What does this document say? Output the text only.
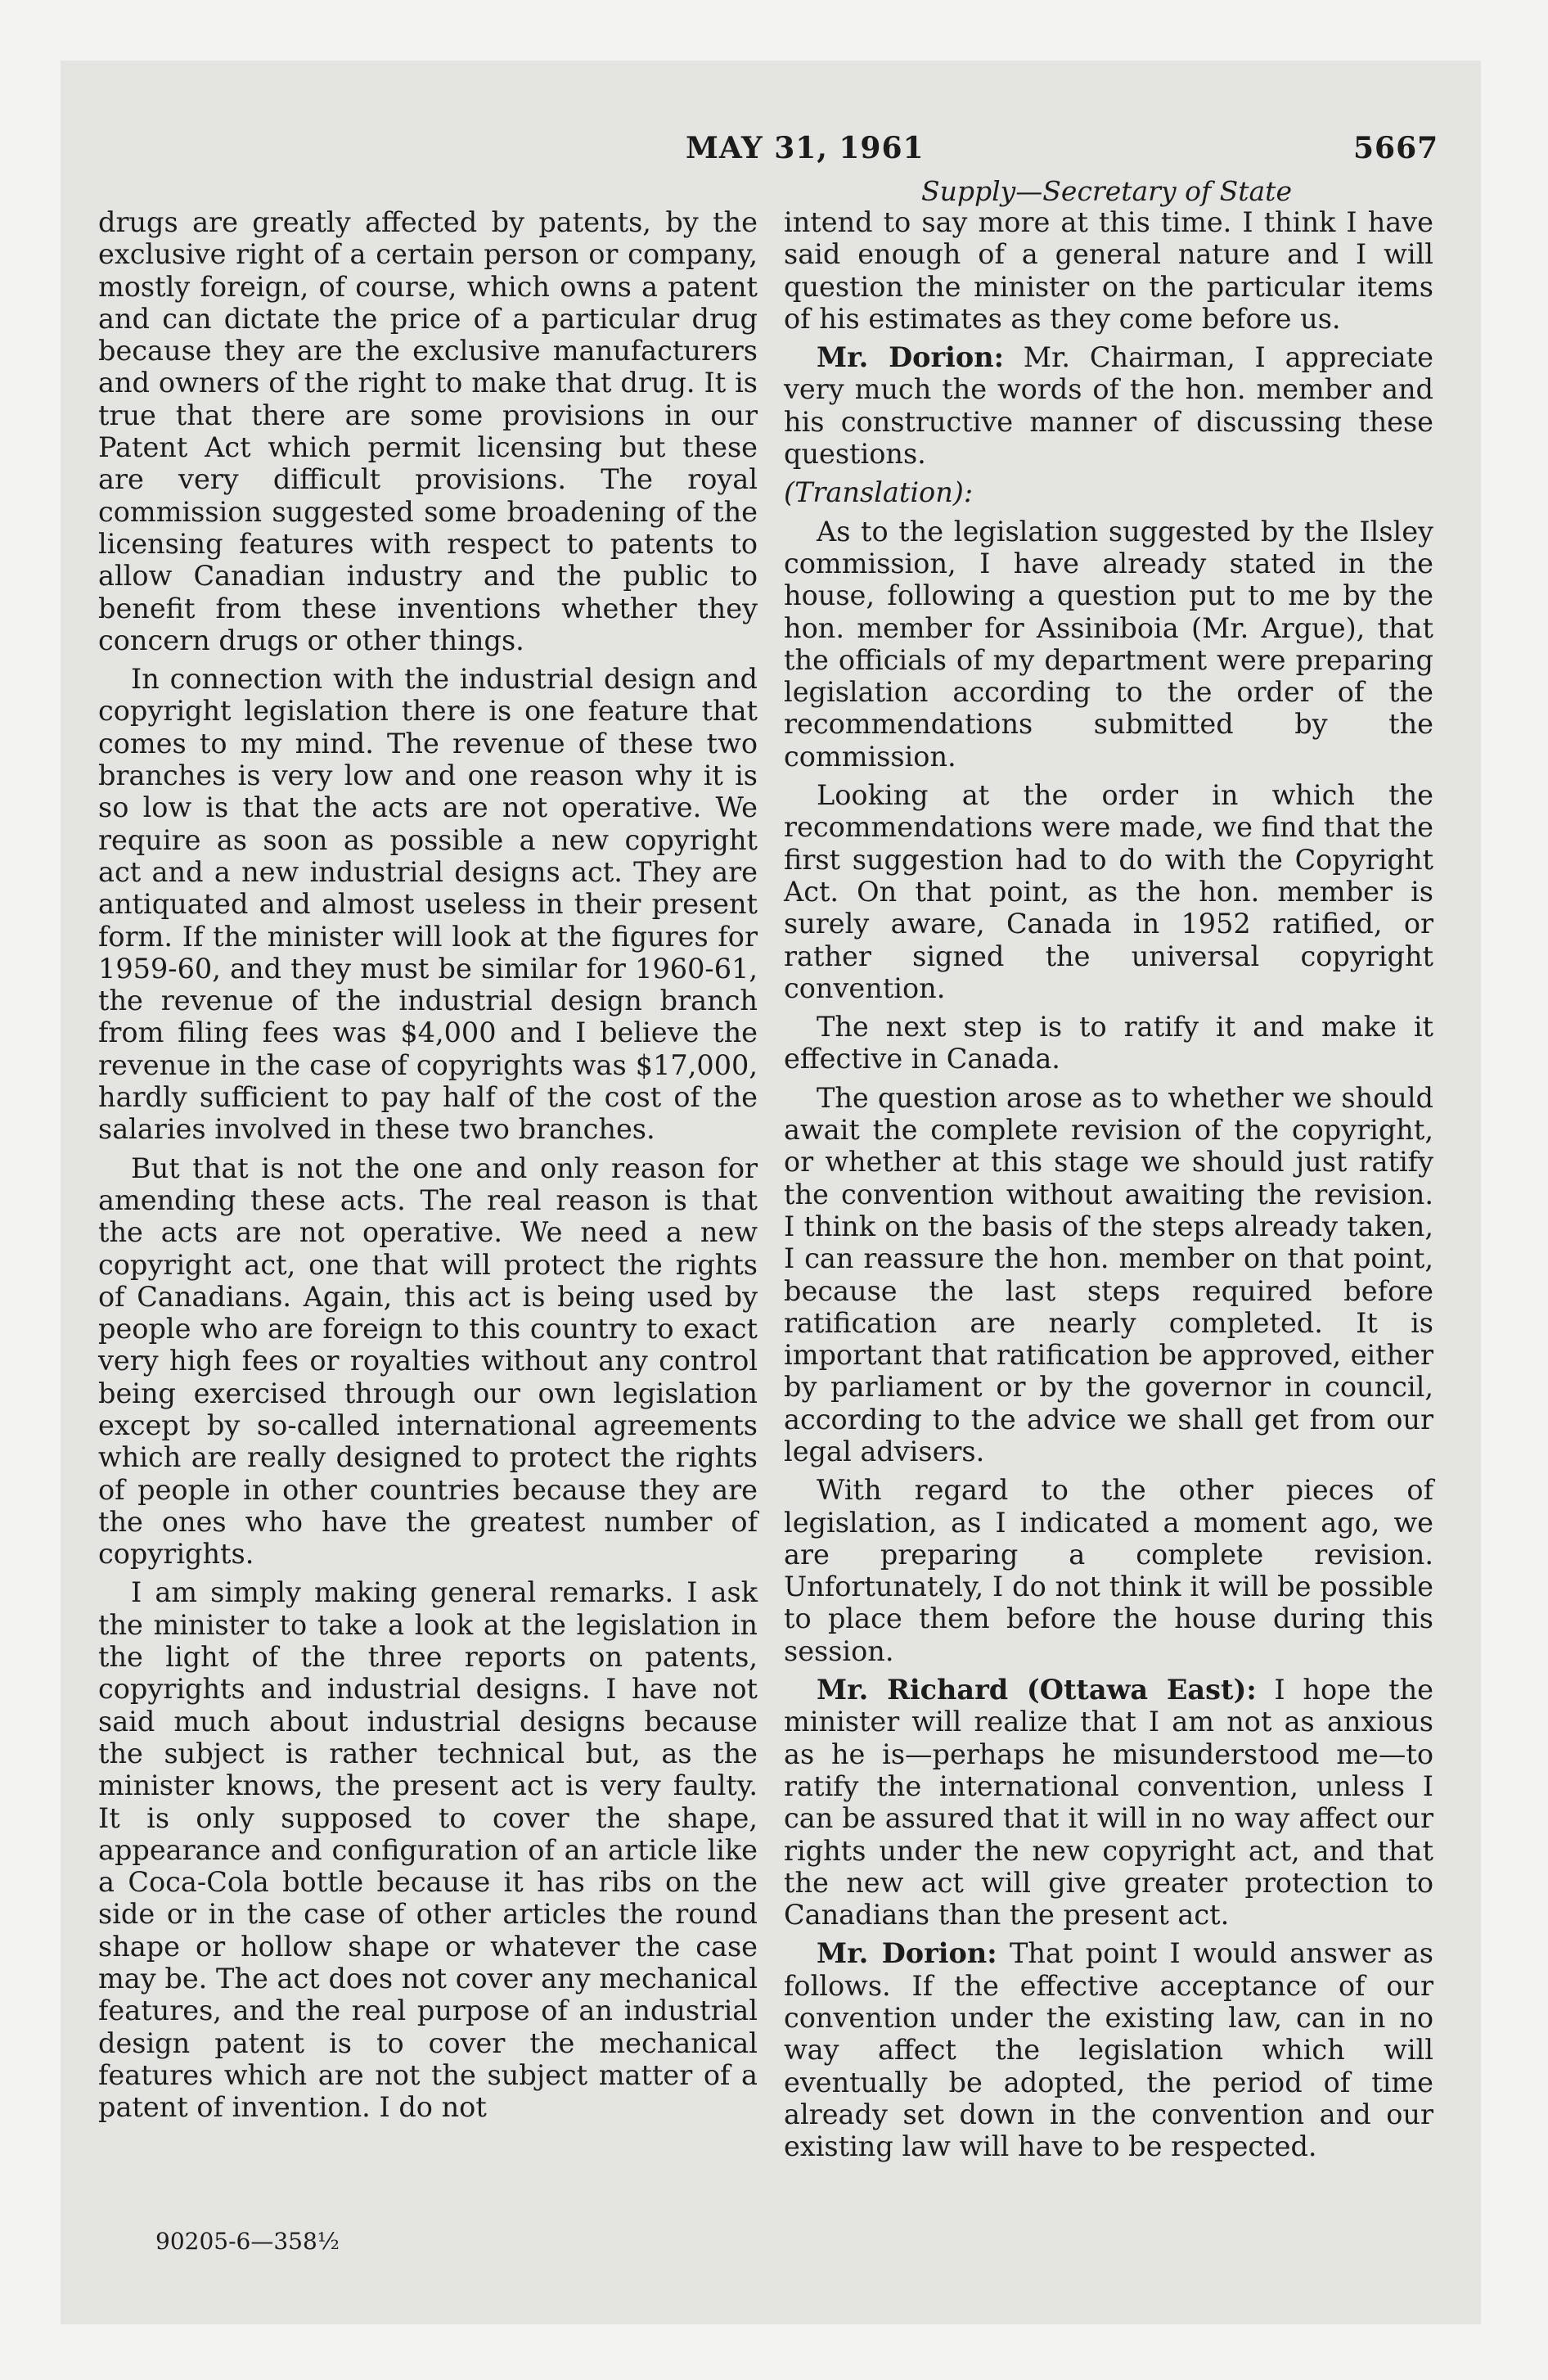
MAY 31, 1961	5667
Supply—Secretary of State

drugs are greatly affected by patents, by the exclusive right of a certain person or company, mostly foreign, of course, which owns a patent and can dictate the price of a particular drug because they are the exclusive manufacturers and owners of the right to make that drug. It is true that there are some provisions in our Patent Act which permit licensing but these are very difficult provisions. The royal commission suggested some broadening of the licensing features with respect to patents to allow Canadian industry and the public to benefit from these inventions whether they concern drugs or other things.

In connection with the industrial design and copyright legislation there is one feature that comes to my mind. The revenue of these two branches is very low and one reason why it is so low is that the acts are not operative. We require as soon as possible a new copyright act and a new industrial designs act. They are antiquated and almost useless in their present form. If the minister will look at the figures for 1959-60, and they must be similar for 1960-61, the revenue of the industrial design branch from filing fees was $4,000 and I believe the revenue in the case of copyrights was $17,000, hardly sufficient to pay half of the cost of the salaries involved in these two branches.

But that is not the one and only reason for amending these acts. The real reason is that the acts are not operative. We need a new copyright act, one that will protect the rights of Canadians. Again, this act is being used by people who are foreign to this country to exact very high fees or royalties without any control being exercised through our own legislation except by so-called international agreements which are really designed to protect the rights of people in other countries because they are the ones who have the greatest number of copyrights.

I am simply making general remarks. I ask the minister to take a look at the legislation in the light of the three reports on patents, copyrights and industrial designs. I have not said much about industrial designs because the subject is rather technical but, as the minister knows, the present act is very faulty. It is only supposed to cover the shape, appearance and configuration of an article like a Coca-Cola bottle because it has ribs on the side or in the case of other articles the round shape or hollow shape or whatever the case may be. The act does not cover any mechanical features, and the real purpose of an industrial design patent is to cover the mechanical features which are not the subject matter of a patent of invention. I do not

intend to say more at this time. I think I have said enough of a general nature and I will question the minister on the particular items of his estimates as they come before us.

Mr. Dorion: Mr. Chairman, I appreciate very much the words of the hon. member and his constructive manner of discussing these questions.

(Translation):

As to the legislation suggested by the Ilsley commission, I have already stated in the house, following a question put to me by the hon. member for Assiniboia (Mr. Argue), that the officials of my department were preparing legislation according to the order of the recommendations submitted by the commission.

Looking at the order in which the recommendations were made, we find that the first suggestion had to do with the Copyright Act. On that point, as the hon. member is surely aware, Canada in 1952 ratified, or rather signed the universal copyright convention.

The next step is to ratify it and make it effective in Canada.

The question arose as to whether we should await the complete revision of the copyright, or whether at this stage we should just ratify the convention without awaiting the revision. I think on the basis of the steps already taken, I can reassure the hon. member on that point, because the last steps required before ratification are nearly completed. It is important that ratification be approved, either by parliament or by the governor in council, according to the advice we shall get from our legal advisers.

With regard to the other pieces of legislation, as I indicated a moment ago, we are preparing a complete revision. Unfortunately, I do not think it will be possible to place them before the house during this session.

Mr. Richard (Ottawa East): I hope the minister will realize that I am not as anxious as he is—perhaps he misunderstood me—to ratify the international convention, unless I can be assured that it will in no way affect our rights under the new copyright act, and that the new act will give greater protection to Canadians than the present act.

Mr. Dorion: That point I would answer as follows. If the effective acceptance of our convention under the existing law, can in no way affect the legislation which will eventually be adopted, the period of time already set down in the convention and our existing law will have to be respected.

90205-6—358½
